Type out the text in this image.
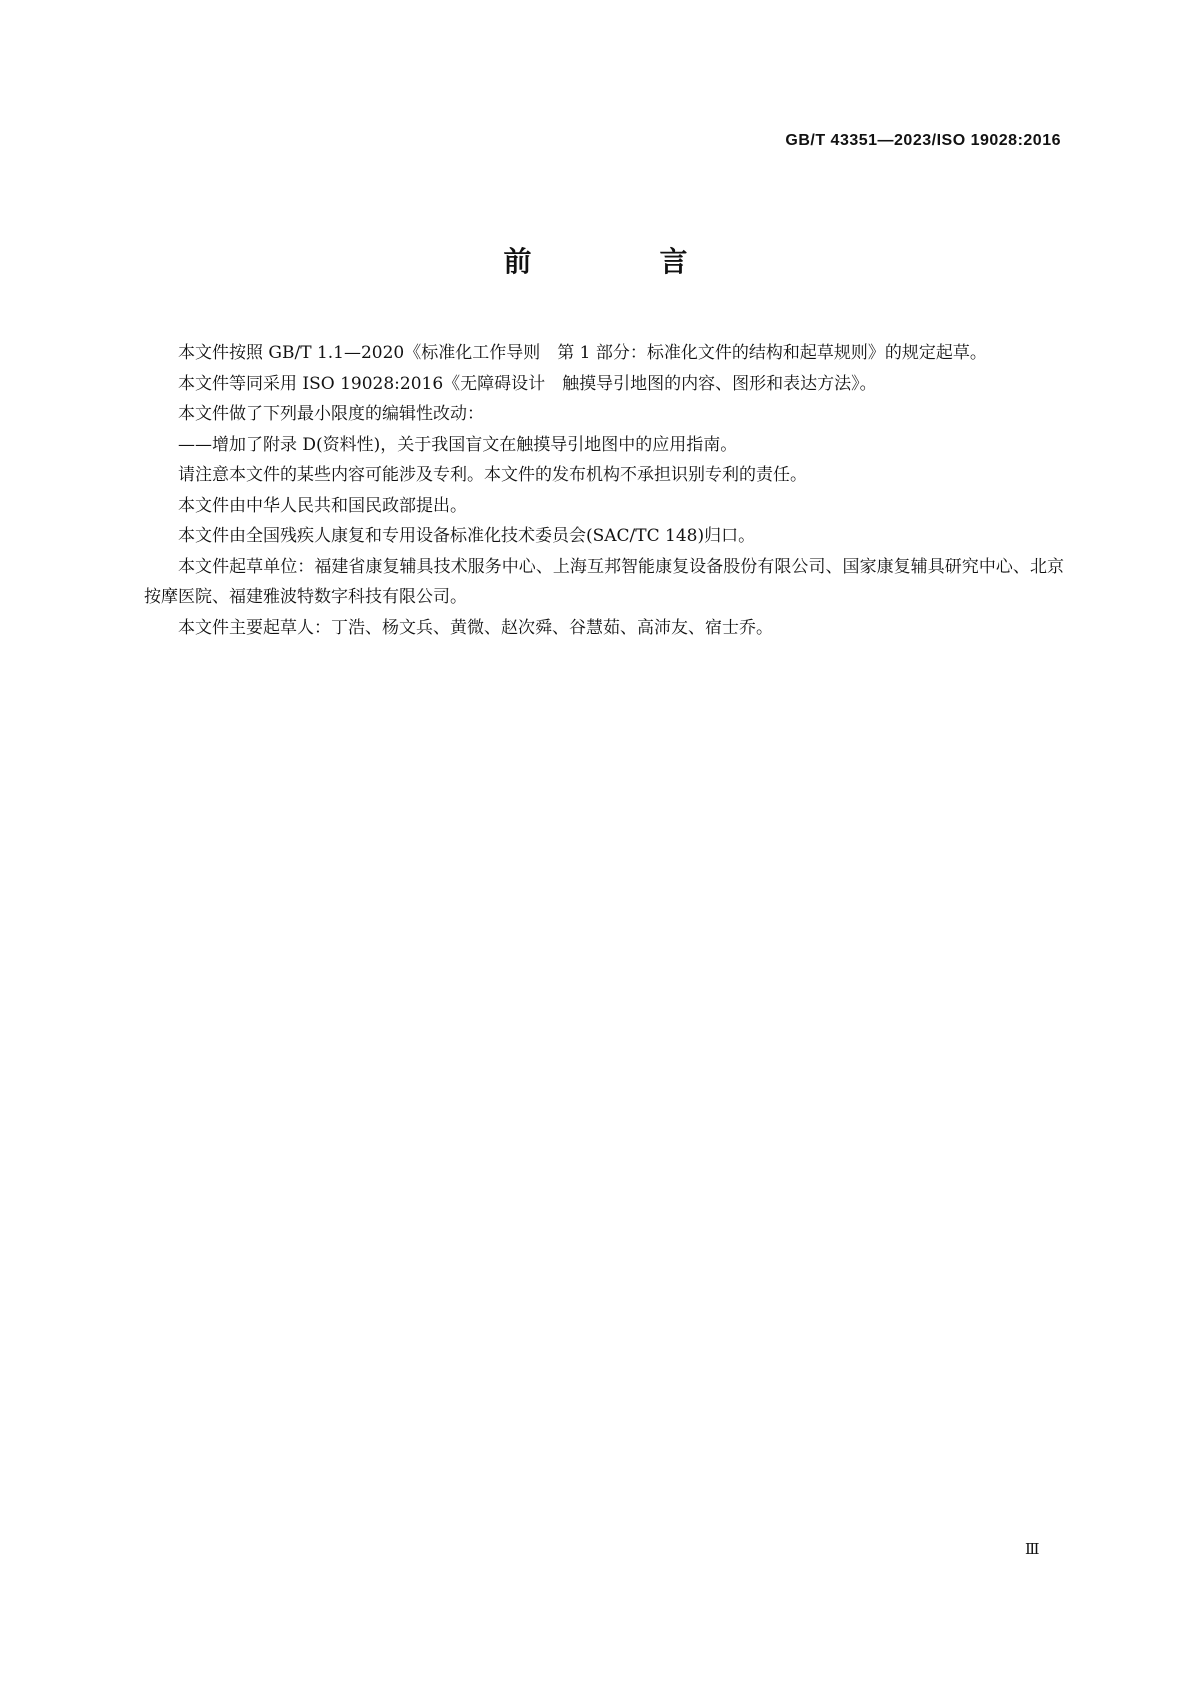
GB/T 43351—2023/ISO 19028:2016
前　言

本文件按照 GB/T 1.1—2020《标准化工作导则　第 1 部分：标准化文件的结构和起草规则》的规定起草。

本文件等同采用 ISO 19028:2016《无障碍设计　触摸导引地图的内容、图形和表达方法》。

本文件做了下列最小限度的编辑性改动：

——增加了附录 D(资料性)，关于我国盲文在触摸导引地图中的应用指南。

请注意本文件的某些内容可能涉及专利。本文件的发布机构不承担识别专利的责任。

本文件由中华人民共和国民政部提出。

本文件由全国残疾人康复和专用设备标准化技术委员会(SAC/TC 148)归口。

本文件起草单位：福建省康复辅具技术服务中心、上海互邦智能康复设备股份有限公司、国家康复辅具研究中心、北京按摩医院、福建雅波特数字科技有限公司。

本文件主要起草人：丁浩、杨文兵、黄微、赵次舜、谷慧茹、高沛友、宿士乔。

Ⅲ
